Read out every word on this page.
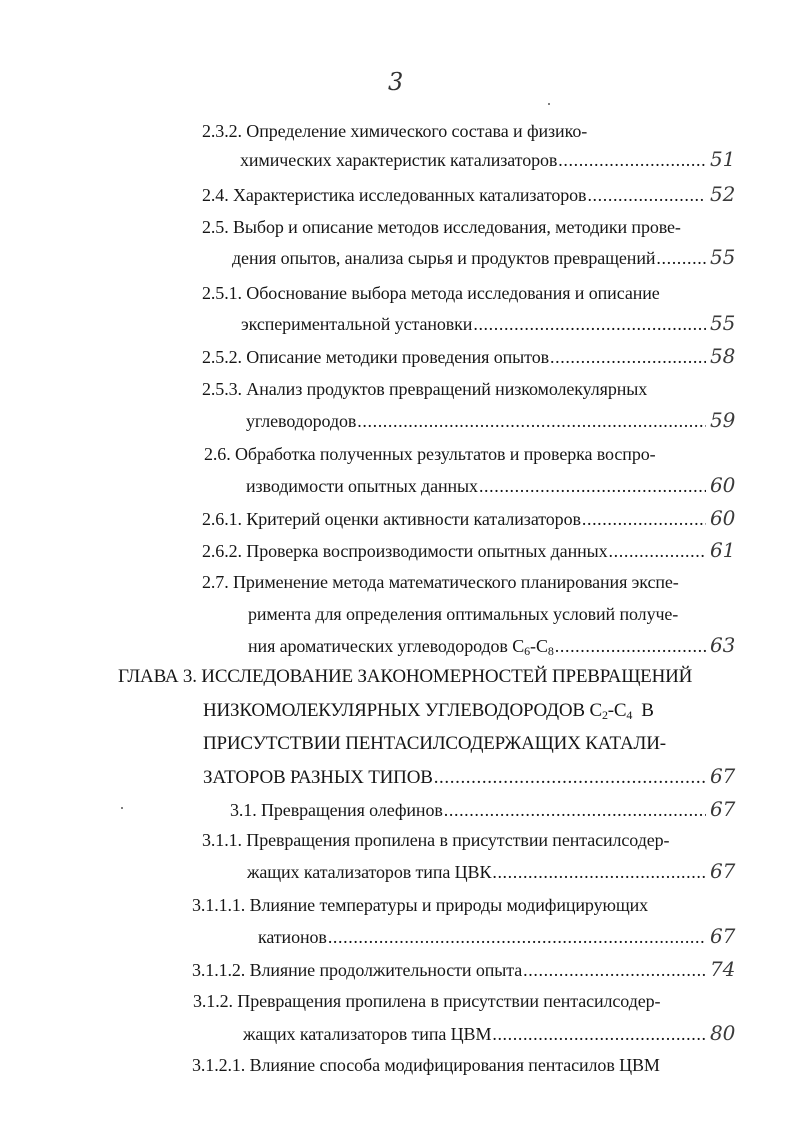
3
2.3.2. Определение химического состава и физико-
химических характеристик катализаторов .....	51
2.4. Характеристика исследованных катализаторов .....	52
2.5. Выбор и описание методов исследования, методики прове-
дения опытов, анализа сырья и продуктов превращений .....	55
2.5.1. Обоснование выбора метода исследования и описание
экспериментальной установки .....	55
2.5.2. Описание методики проведения опытов .....	58
2.5.3. Анализ продуктов превращений низкомолекулярных
углеводородов .....	59
2.6. Обработка полученных результатов и проверка воспро-
изводимости опытных данных .....	60
2.6.1. Критерий оценки активности катализаторов .....	60
2.6.2. Проверка воспроизводимости опытных данных .....	61
2.7. Применение метода математического планирования экспе-
римента для определения оптимальных условий получе-
ния ароматических углеводородов $C_6-C_8$ .....	63
ГЛАВА 3. ИССЛЕДОВАНИЕ ЗАКОНОМЕРНОСТЕЙ ПРЕВРАЩЕНИЙ
НИЗКОМОЛЕКУЛЯРНЫХ УГЛЕВОДОРОДОВ $С_2-С_4$  В
ПРИСУТСТВИИ ПЕНТАСИЛСОДЕРЖАЩИХ КАТАЛИ-
ЗАТОРОВ РАЗНЫХ ТИПОВ .....	67
3.1. Превращения олефинов .....	67
3.1.1. Превращения пропилена в присутствии пентасилсодер-
жащих катализаторов типа ЦВК .....	67
3.1.1.1. Влияние температуры и природы модифицирующих
катионов .....	67
3.1.1.2. Влияние продолжительности опыта .....	74
3.1.2. Превращения пропилена в присутствии пентасилсодер-
жащих катализаторов типа ЦВМ .....	80
3.1.2.1. Влияние способа модифицирования пентасилов ЦВМ
